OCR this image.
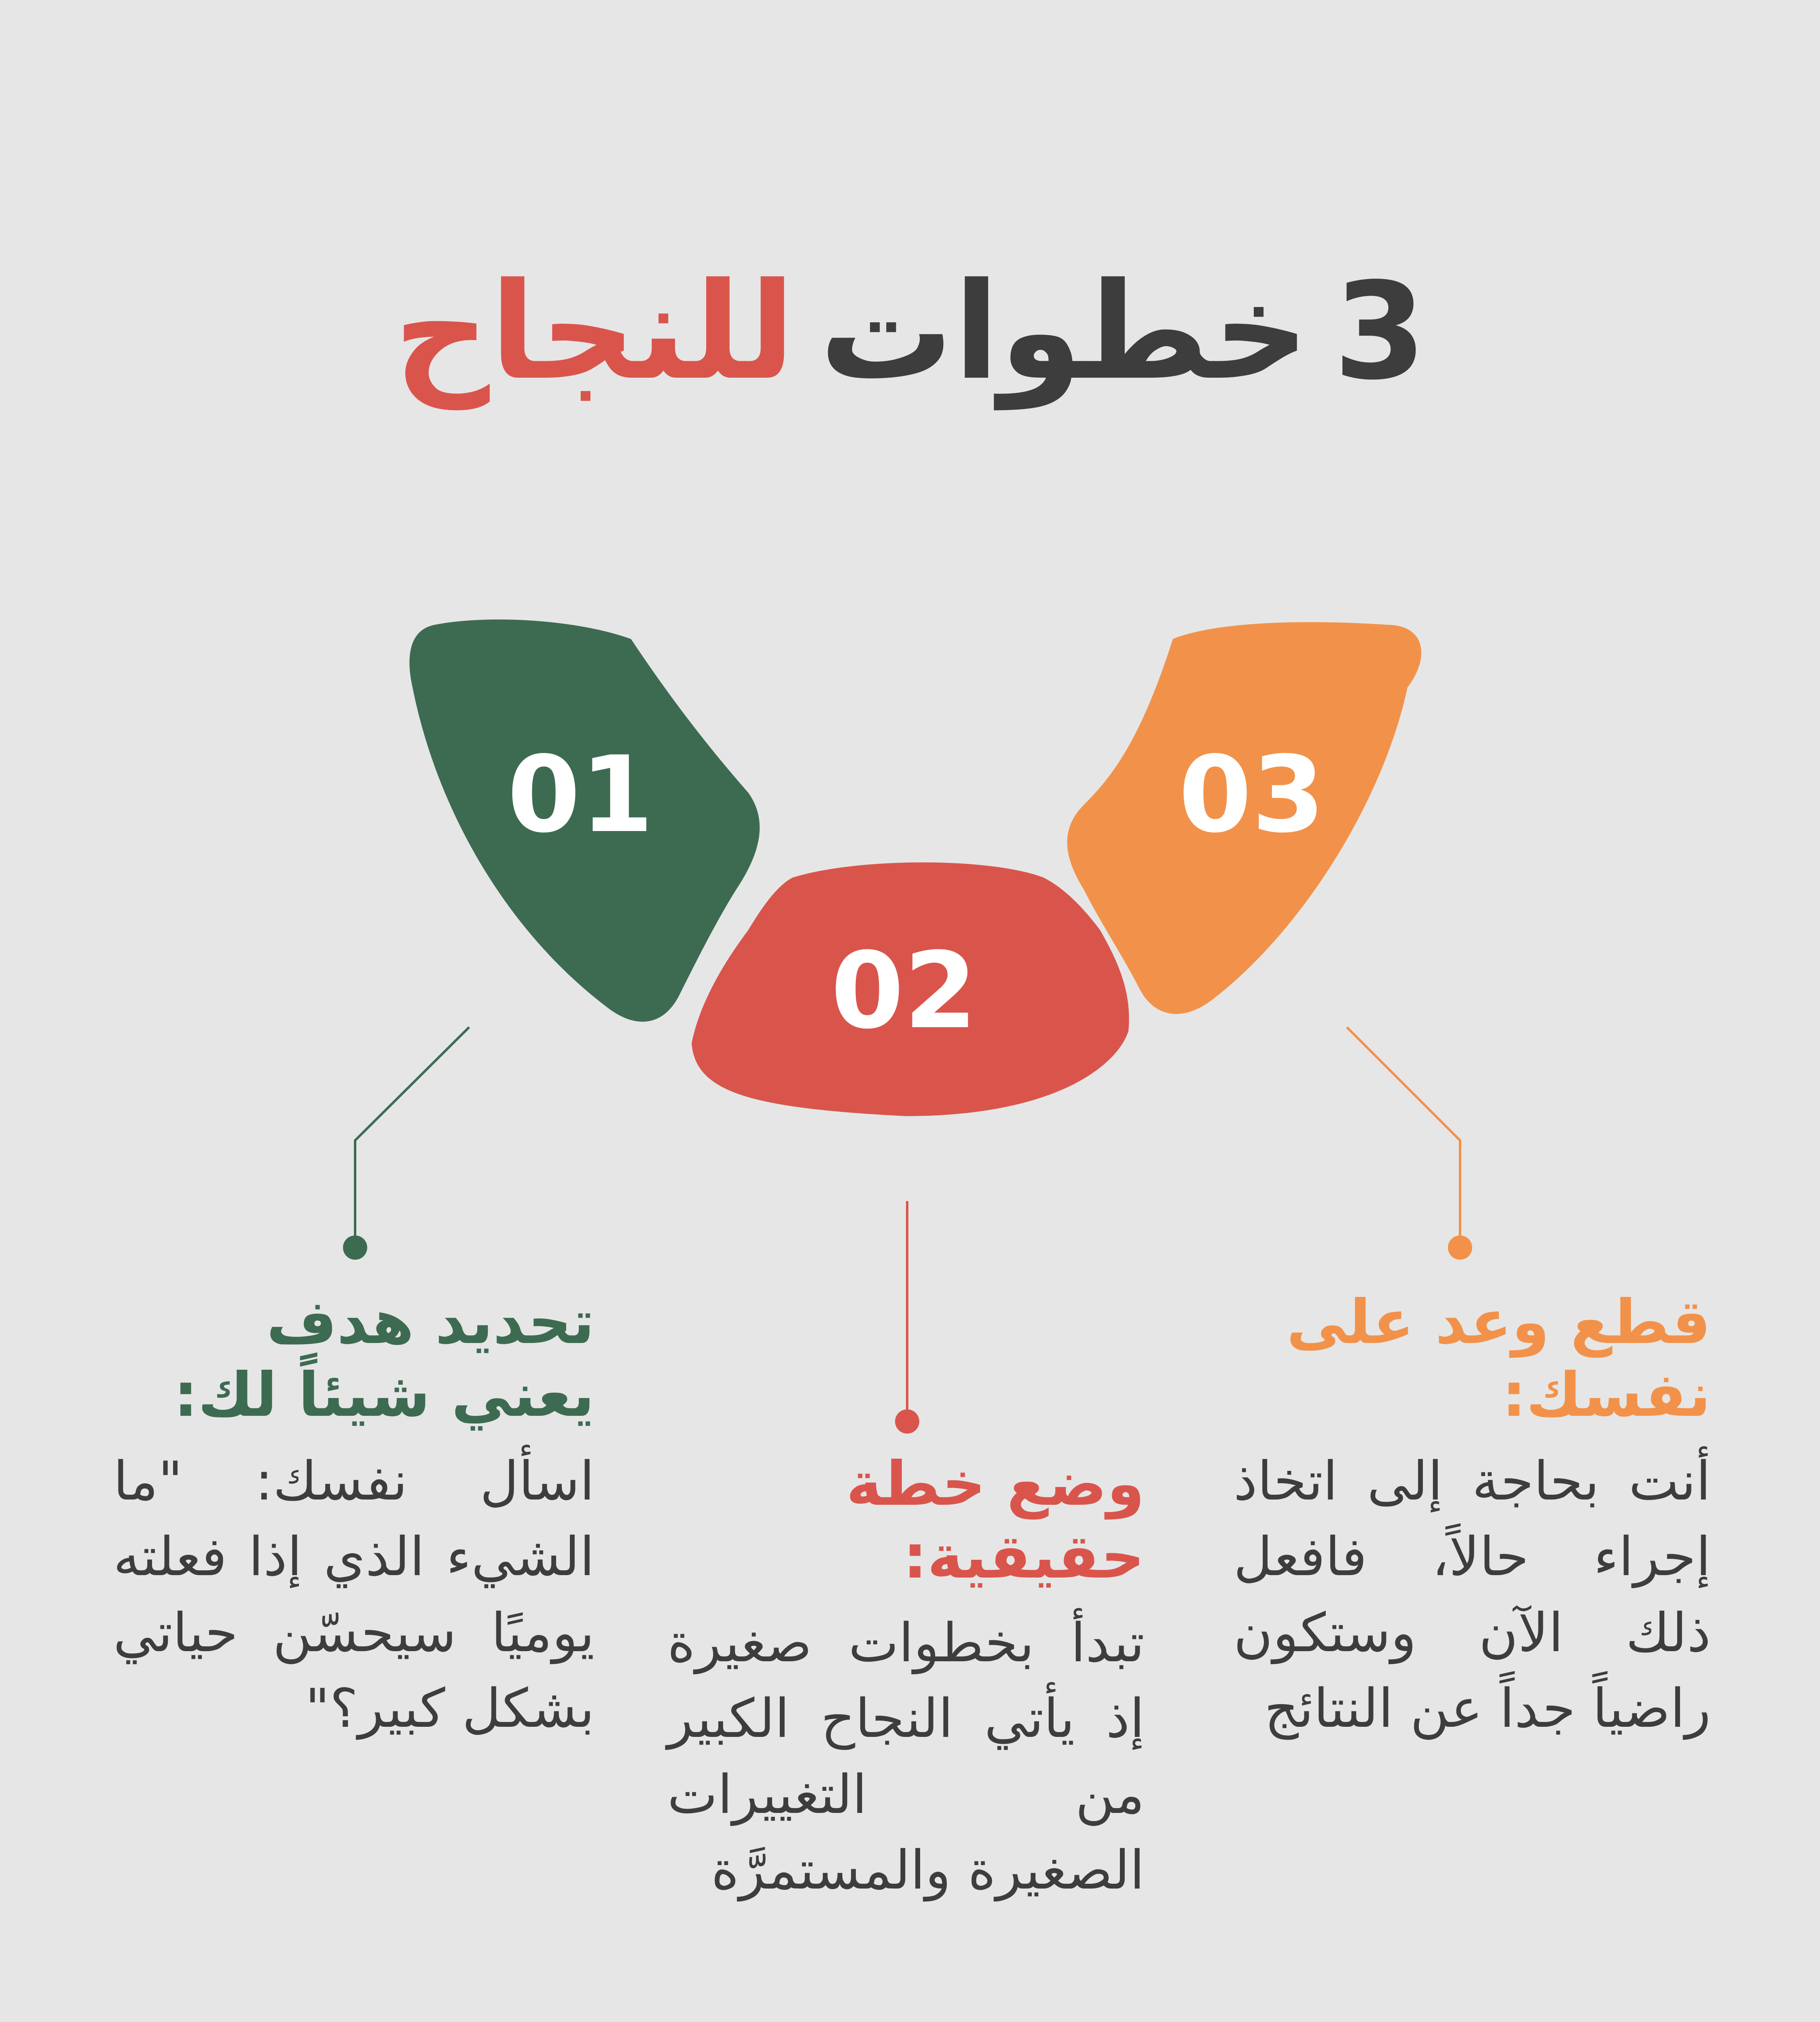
3
خطوات
للنجاح
01
02
03
تحديد هدف يعني شيئاً لك:
اسأل نفسك: "ما الشيء الذي إذا فعلته يوميًا سيحسّن حياتي بشكل كبير؟"
وضع خطة حقيقية:
تبدأ بخطوات صغيرة إذ يأتي النجاح الكبير من التغييرات الصغيرة والمستمرَّة
قطع وعد على نفسك:
أنت بحاجة إلى اتخاذ إجراء حالاً، فافعل ذلك الآن وستكون راضياً جداً عن النتائج
